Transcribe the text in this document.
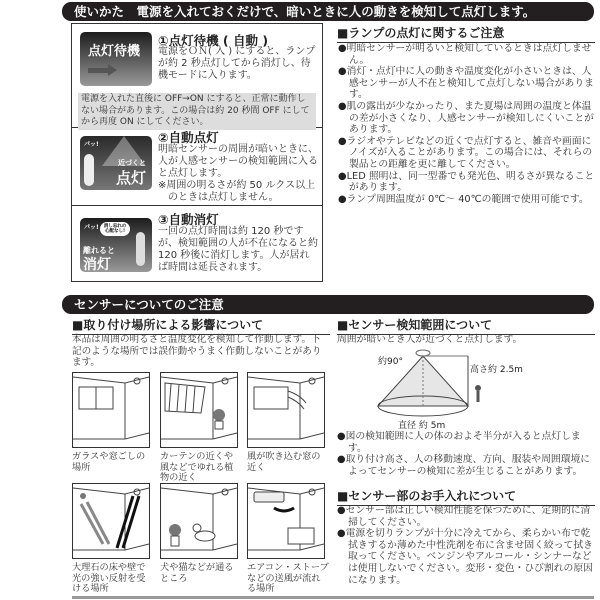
使いかた　電源を入れておくだけで、暗いときに人の動きを検知して点灯します。
点灯待機
①点灯待機 ( 自動 )
電源をＯＮ( 入 ) にすると、ランプが約 2 秒点灯してから消灯し、待機モードに入ります。
電源を入れた直後に OFF→ON にすると、正常に動作しない場合があります。この場合は約 20 秒間 OFF にしてから再度 ON にしてください。
パッ!
近づくと
点灯
②自動点灯
明暗センサーの周囲が暗いときに、人が人感センサーの検知範囲に入ると点灯します。
※周囲の明るさが約 50 ルクス以上のときは点灯しません。
パッ!	消し忘れの心配なし!
離れると
消灯
③自動消灯
一回の点灯時間は約 120 秒ですが、検知範囲の人が不在になると約 120 秒後に消灯します。人が居れば時間は延長されます。
■ランプの点灯に関するご注意

● 明暗センサーが明るいと検知しているときは点灯しません。

● 消灯・点灯中に人の動きや温度変化が小さいときは、人感センサーが人不在と検知して点灯しない場合があります。

● 肌の露出が少なかったり、また夏場は周囲の温度と体温の差が小さくなり、人感センサーが検知しにくいことがあります。

● ラジオやテレビなどの近くで点灯すると、雑音や画面にノイズが入ることがあります。この場合には、それらの製品との距離を更に離してください。

● LED 照明は、同一型番でも発光色、明るさが異なることがあります。

● ランプ周囲温度が 0℃～ 40℃の範囲で使用可能です。

センサーについてのご注意
■取り付け場所による影響について
本品は周囲の明るさと温度変化を検知して作動します。下記のような場所では誤作動やうまく作動しないことがあります。
ガラスや窓ごしの場所
カーテンの近くや風などでゆれる植物の近く
風が吹き込む窓の近く
大理石の床や壁で光の強い反射を受ける場所
犬や猫などが通るところ
エアコン・ストーブなどの送風が流れる場所
■センサー検知範囲について
周囲が暗いとき人が近づくと点灯します。
約90°
高さ約 2.5m
直径 約 5m

● 図の検知範囲に人の体のおよそ半分が入ると点灯します。

● 取り付け高さ、人の移動速度、方向、服装や周囲環境によってセンサーの検知に差が生じることがあります。

■センサー部のお手入れについて

● センサー部は正しい検知性能を保つために、定期的に清掃してください。

● 電源を切りランプが十分に冷えてから、柔らかい布で乾拭きするか薄めた中性洗剤を布に含ませ固く絞って拭き取ってください。ベンジンやアルコール・シンナーなどは使用しないでください。変形・変色・ひび割れの原因になります。
